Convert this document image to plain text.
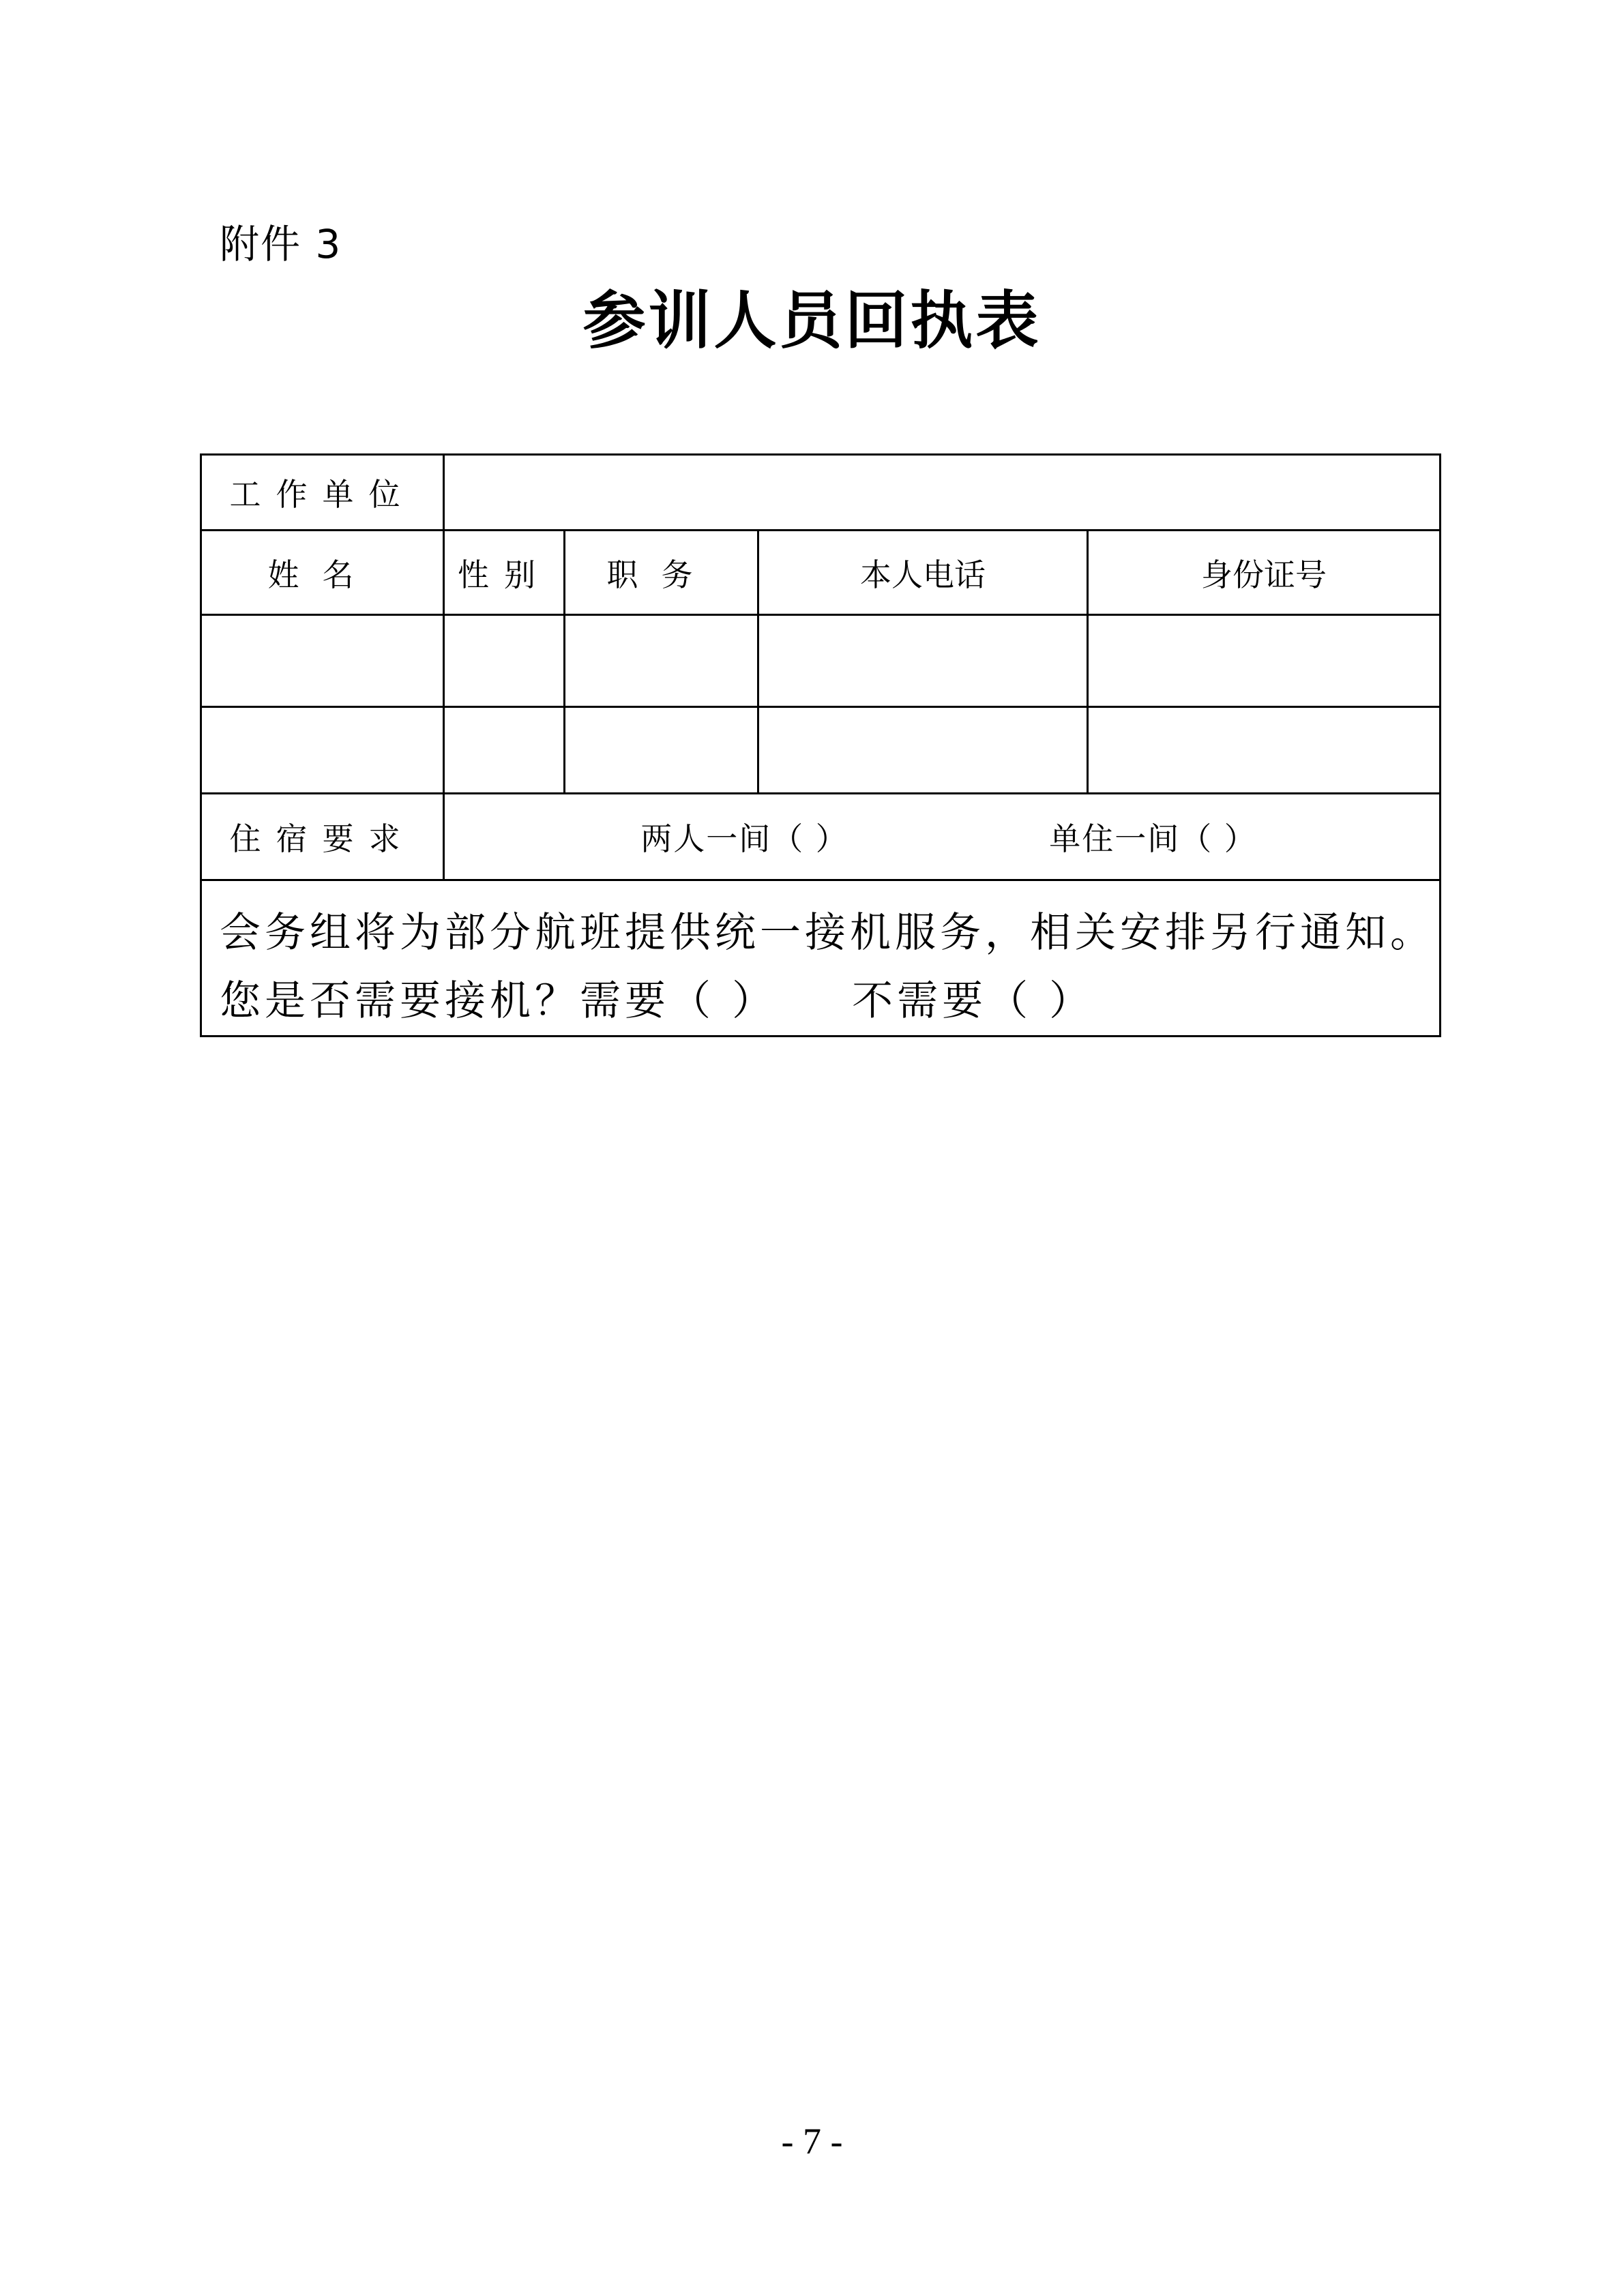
附件 3
参训人员回执表
工作单位				
姓名	性别	职务	本人电话	身份证号

住宿要求	两人一间（ ） 单住一间（ ）			

会务组将为部分航班提供统一接机服务，相关安排另行通知。
您是否需要接机？需要（ ） 不需要（ ）				
- 7 -
